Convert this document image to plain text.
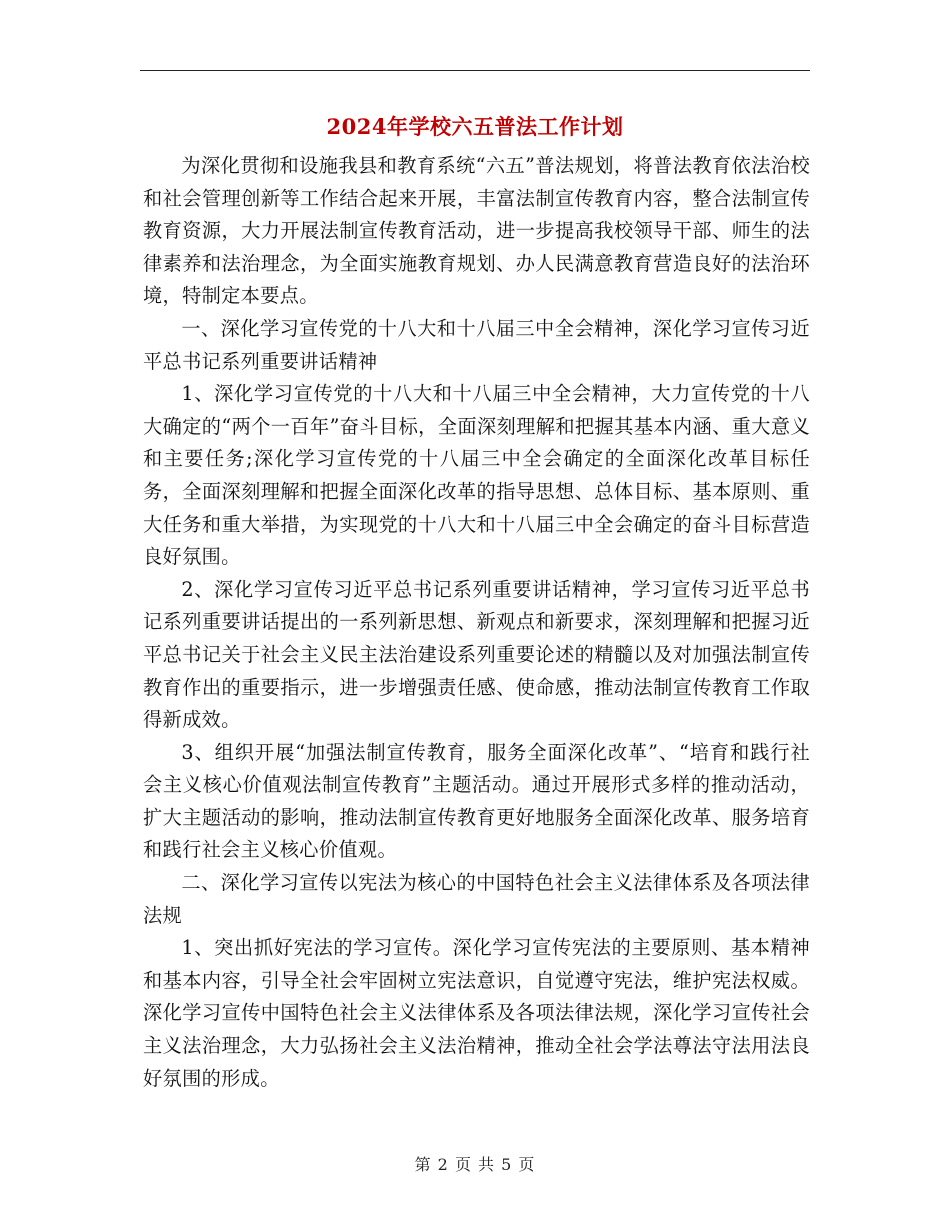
2024年学校六五普法工作计划

为深化贯彻和设施我县和教育系统“六五”普法规划，将普法教育依法治校和社会管理创新等工作结合起来开展，丰富法制宣传教育内容，整合法制宣传教育资源，大力开展法制宣传教育活动，进一步提高我校领导干部、师生的法律素养和法治理念，为全面实施教育规划、办人民满意教育营造良好的法治环境，特制定本要点。

一、深化学习宣传党的十八大和十八届三中全会精神，深化学习宣传习近平总书记系列重要讲话精神

1、深化学习宣传党的十八大和十八届三中全会精神，大力宣传党的十八大确定的“两个一百年”奋斗目标，全面深刻理解和把握其基本内涵、重大意义和主要任务;深化学习宣传党的十八届三中全会确定的全面深化改革目标任务，全面深刻理解和把握全面深化改革的指导思想、总体目标、基本原则、重大任务和重大举措，为实现党的十八大和十八届三中全会确定的奋斗目标营造良好氛围。

2、深化学习宣传习近平总书记系列重要讲话精神，学习宣传习近平总书记系列重要讲话提出的一系列新思想、新观点和新要求，深刻理解和把握习近平总书记关于社会主义民主法治建设系列重要论述的精髓以及对加强法制宣传教育作出的重要指示，进一步增强责任感、使命感，推动法制宣传教育工作取得新成效。

3、组织开展“加强法制宣传教育，服务全面深化改革”、“培育和践行社会主义核心价值观法制宣传教育”主题活动。通过开展形式多样的推动活动，扩大主题活动的影响，推动法制宣传教育更好地服务全面深化改革、服务培育和践行社会主义核心价值观。

二、深化学习宣传以宪法为核心的中国特色社会主义法律体系及各项法律法规

1、突出抓好宪法的学习宣传。深化学习宣传宪法的主要原则、基本精神和基本内容，引导全社会牢固树立宪法意识，自觉遵守宪法，维护宪法权威。深化学习宣传中国特色社会主义法律体系及各项法律法规，深化学习宣传社会主义法治理念，大力弘扬社会主义法治精神，推动全社会学法尊法守法用法良好氛围的形成。

第 2 页 共 5 页
